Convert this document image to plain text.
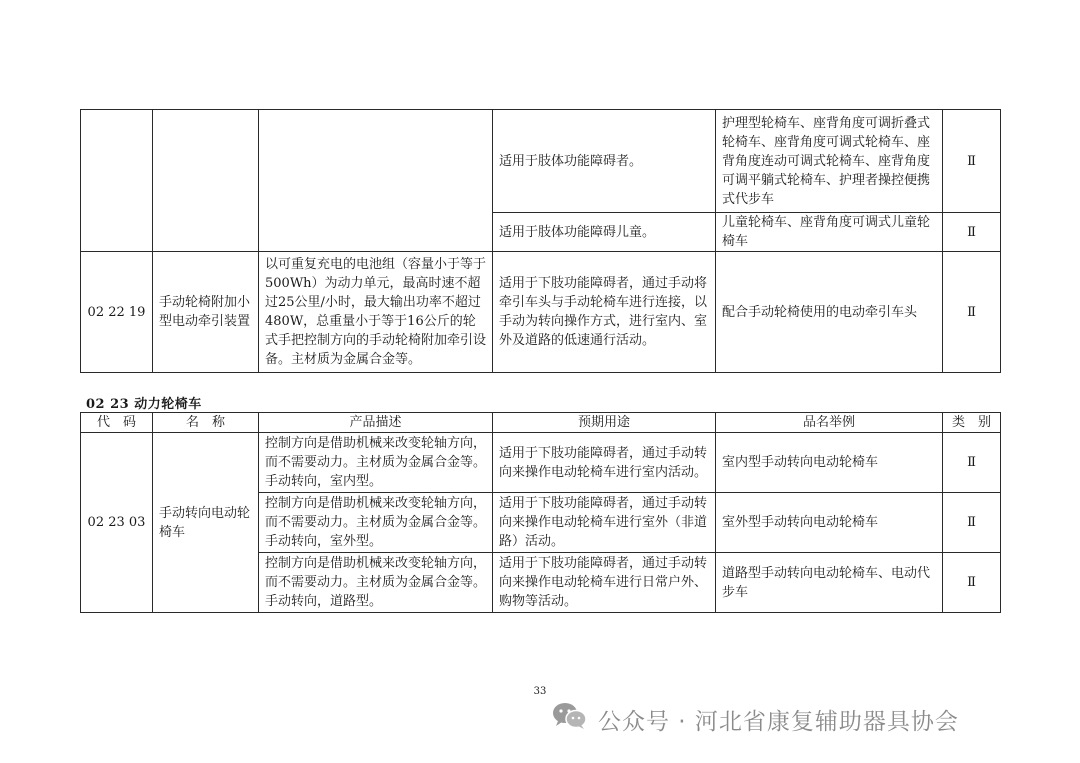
			适用于肢体功能障碍者。	护理型轮椅车、座背角度可调折叠式轮椅车、座背角度可调式轮椅车、座背角度连动可调式轮椅车、座背角度可调平躺式轮椅车、护理者操控便携式代步车	Ⅱ
			适用于肢体功能障碍儿童。	儿童轮椅车、座背角度可调式儿童轮椅车	Ⅱ
02 22 19	手动轮椅附加小型电动牵引装置	以可重复充电的电池组（容量小于等于500Wh）为动力单元，最高时速不超过25公里/小时，最大输出功率不超过480W，总重量小于等于16公斤的轮式手把控制方向的手动轮椅附加牵引设备。主材质为金属合金等。	适用于下肢功能障碍者，通过手动将牵引车头与手动轮椅车进行连接，以手动为转向操作方式，进行室内、室外及道路的低速通行活动。	配合手动轮椅使用的电动牵引车头	Ⅱ
02 23 动力轮椅车
代　码	名　称	产品描述	预期用途	品名举例	类　别
02 23 03	手动转向电动轮椅车	控制方向是借助机械来改变轮轴方向，而不需要动力。主材质为金属合金等。手动转向，室内型。	适用于下肢功能障碍者，通过手动转向来操作电动轮椅车进行室内活动。	室内型手动转向电动轮椅车	Ⅱ
		控制方向是借助机械来改变轮轴方向，而不需要动力。主材质为金属合金等。手动转向，室外型。	适用于下肢功能障碍者，通过手动转向来操作电动轮椅车进行室外（非道路）活动。	室外型手动转向电动轮椅车	Ⅱ
		控制方向是借助机械来改变轮轴方向，而不需要动力。主材质为金属合金等。手动转向，道路型。	适用于下肢功能障碍者，通过手动转向来操作电动轮椅车进行日常户外、购物等活动。	道路型手动转向电动轮椅车、电动代步车	Ⅱ
33
公众号 · 河北省康复辅助器具协会
